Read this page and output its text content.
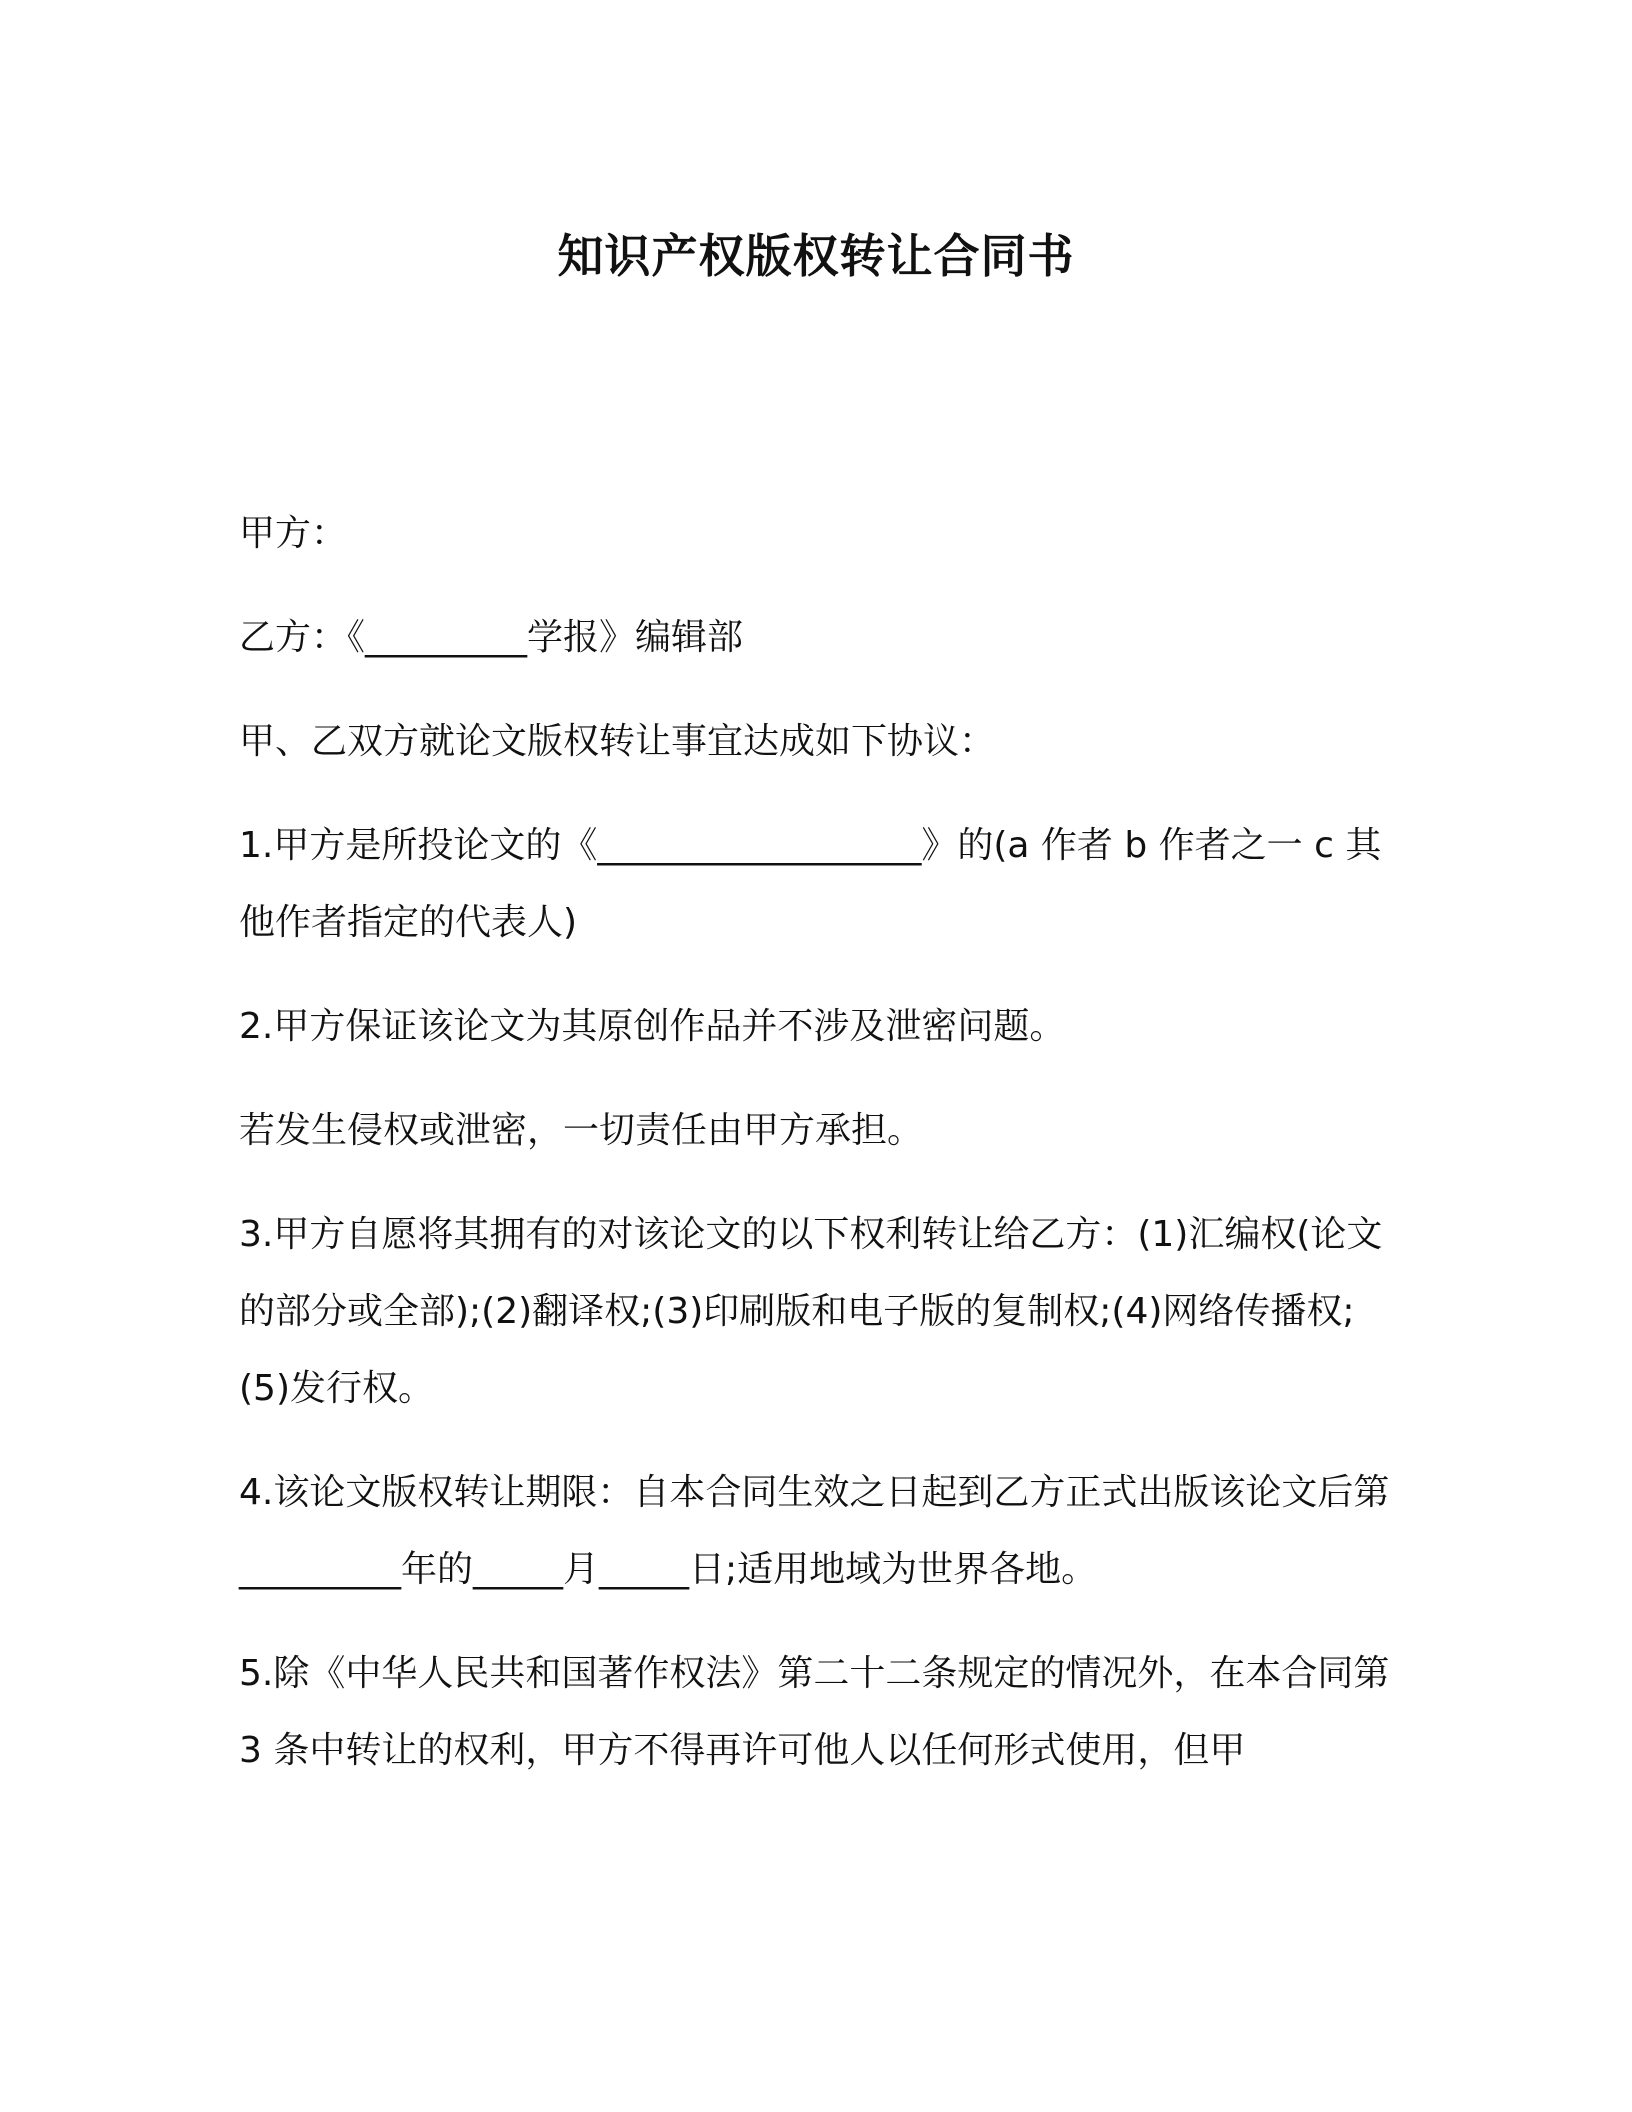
知识产权版权转让合同书

甲方：

乙方：《_________学报》编辑部

甲、乙双方就论文版权转让事宜达成如下协议：

1.甲方是所投论文的《__________________》的(a 作者 b 作者之一 c 其他作者指定的代表人)

2.甲方保证该论文为其原创作品并不涉及泄密问题。

若发生侵权或泄密，一切责任由甲方承担。

3.甲方自愿将其拥有的对该论文的以下权利转让给乙方：(1)汇编权(论文的部分或全部);(2)翻译权;(3)印刷版和电子版的复制权;(4)网络传播权;(5)发行权。

4.该论文版权转让期限：自本合同生效之日起到乙方正式出版该论文后第_________年的_____月_____日;适用地域为世界各地。

5.除《中华人民共和国著作权法》第二十二条规定的情况外，在本合同第 3 条中转让的权利，甲方不得再许可他人以任何形式使用，但甲
